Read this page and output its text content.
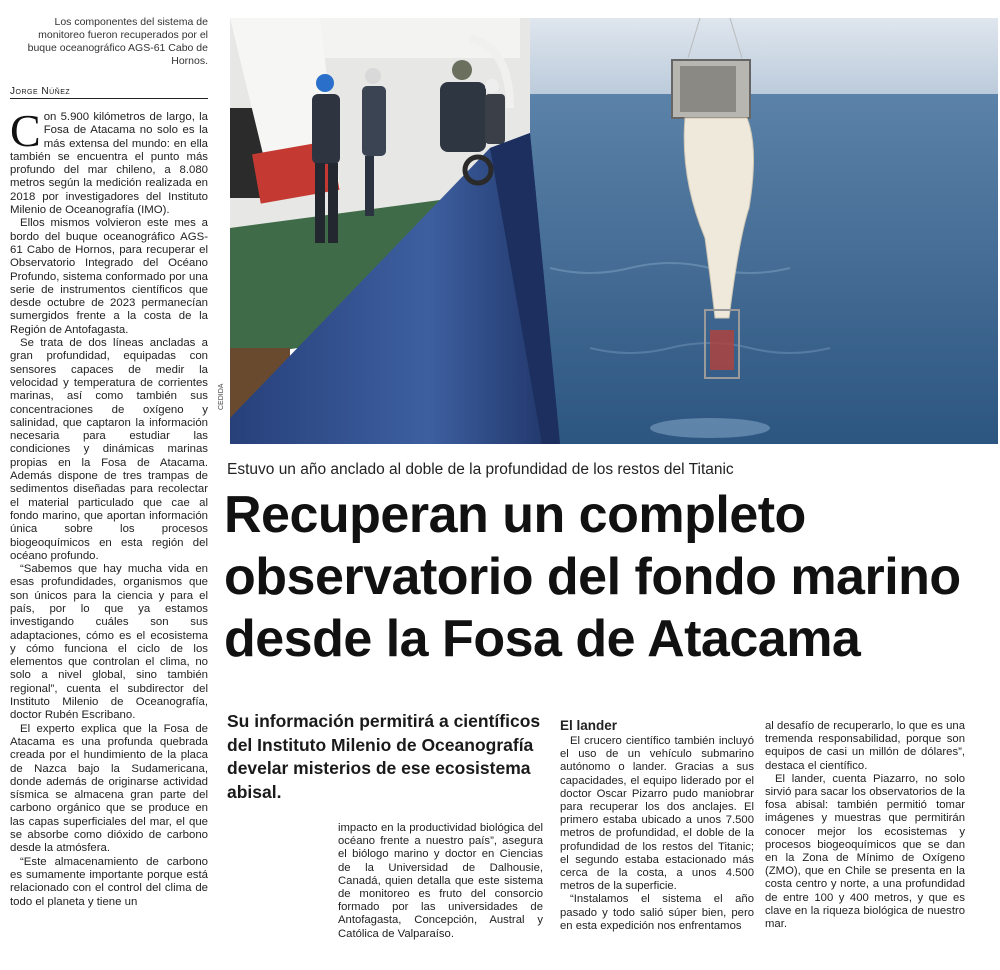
Los componentes del sistema de monitoreo fueron recuperados por el buque oceanográfico AGS-61 Cabo de Hornos.
Jorge Núñez

Con 5.900 kilómetros de largo, la Fosa de Atacama no solo es la más extensa del mundo: en ella también se encuentra el punto más profundo del mar chileno, a 8.080 metros según la medición realizada en 2018 por investigadores del Instituto Milenio de Oceanografía (IMO).

Ellos mismos volvieron este mes a bordo del buque oceanográfico AGS-61 Cabo de Hornos, para recuperar el Observatorio Integrado del Océano Profundo, sistema conformado por una serie de instrumentos científicos que desde octubre de 2023 permanecían sumergidos frente a la costa de la Región de Antofagasta.

Se trata de dos líneas ancladas a gran profundidad, equipadas con sensores capaces de medir la velocidad y temperatura de corrientes marinas, así como también sus concentraciones de oxígeno y salinidad, que captaron la información necesaria para estudiar las condiciones y dinámicas marinas propias en la Fosa de Atacama. Además dispone de tres trampas de sedimentos diseñadas para recolectar el material particulado que cae al fondo marino, que aportan información única sobre los procesos biogeoquímicos en esta región del océano profundo.

“Sabemos que hay mucha vida en esas profundidades, organismos que son únicos para la ciencia y para el país, por lo que ya estamos investigando cuáles son sus adaptaciones, cómo es el ecosistema y cómo funciona el ciclo de los elementos que controlan el clima, no solo a nivel global, sino también regional”, cuenta el subdirector del Instituto Milenio de Oceanografía, doctor Rubén Escribano.

El experto explica que la Fosa de Atacama es una profunda quebrada creada por el hundimiento de la placa de Nazca bajo la Sudamericana, donde además de originarse actividad sísmica se almacena gran parte del carbono orgánico que se produce en las capas superficiales del mar, el que se absorbe como dióxido de carbono desde la atmósfera.

“Este almacenamiento de carbono es sumamente importante porque está relacionado con el control del clima de todo el planeta y tiene un

CEDIDA
Estuvo un año anclado al doble de la profundidad de los restos del Titanic
Recuperan un completo observatorio del fondo marino desde la Fosa de Atacama
Su información permitirá a científicos del Instituto Milenio de Oceanografía develar misterios de ese ecosistema abisal.

impacto en la productividad biológica del océano frente a nuestro país”, asegura el biólogo marino y doctor en Ciencias de la Universidad de Dalhousie, Canadá, quien detalla que este sistema de monitoreo es fruto del consorcio formado por las universidades de Antofagasta, Concepción, Austral y Católica de Valparaíso.

El lander

El crucero científico también incluyó el uso de un vehículo submarino autónomo o lander. Gracias a sus capacidades, el equipo liderado por el doctor Oscar Pizarro pudo maniobrar para recuperar los dos anclajes. El primero estaba ubicado a unos 7.500 metros de profundidad, el doble de la profundidad de los restos del Titanic; el segundo estaba estacionado más cerca de la costa, a unos 4.500 metros de la superficie.

“Instalamos el sistema el año pasado y todo salió súper bien, pero en esta expedición nos enfrentamos

al desafío de recuperarlo, lo que es una tremenda responsabilidad, porque son equipos de casi un millón de dólares”, destaca el científico.

El lander, cuenta Piazarro, no solo sirvió para sacar los observatorios de la fosa abisal: también permitió tomar imágenes y muestras que permitirán conocer mejor los ecosistemas y procesos biogeoquímicos que se dan en la Zona de Mínimo de Oxígeno (ZMO), que en Chile se presenta en la costa centro y norte, a una profundidad de entre 100 y 400 metros, y que es clave en la riqueza biológica de nuestro mar.
